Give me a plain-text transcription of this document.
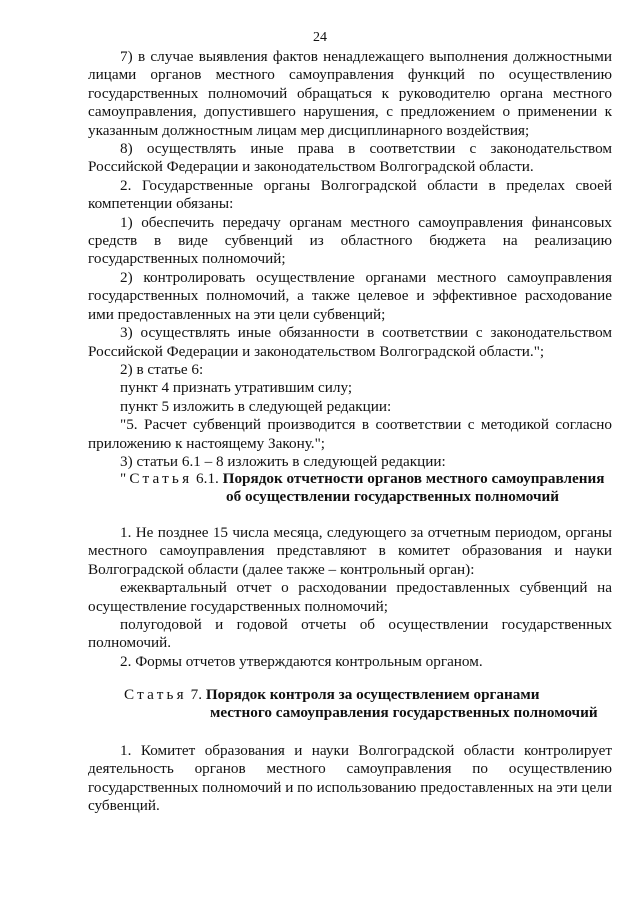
24

7) в случае выявления фактов ненадлежащего выполнения должностными лицами органов местного самоуправления функций по осуществлению государственных полномочий обращаться к руководителю органа местного самоуправления, допустившего нарушения, с предложением о применении к указанным должностным лицам мер дисциплинарного воздействия;

8) осуществлять иные права в соответствии с законодательством Российской Федерации и законодательством Волгоградской области.

2. Государственные органы Волгоградской области в пределах своей компетенции обязаны:

1) обеспечить передачу органам местного самоуправления финансовых средств в виде субвенций из областного бюджета на реализацию государственных полномочий;

2) контролировать осуществление органами местного самоуправления государственных полномочий, а также целевое и эффективное расходование ими предоставленных на эти цели субвенций;

3) осуществлять иные обязанности в соответствии с законодательством Российской Федерации и законодательством Волгоградской области.";

2) в статье 6:

пункт 4 признать утратившим силу;

пункт 5 изложить в следующей редакции:

"5. Расчет субвенций производится в соответствии с методикой согласно приложению к настоящему Закону.";

3) статьи 6.1 – 8 изложить в следующей редакции:

"Статья 6.1. Порядок отчетности органов местного самоуправления
об осуществлении государственных полномочий

1. Не позднее 15 числа месяца, следующего за отчетным периодом, органы местного самоуправления представляют в комитет образования и науки Волгоградской области (далее также – контрольный орган):

ежеквартальный отчет о расходовании предоставленных субвенций на осуществление государственных полномочий;

полугодовой и годовой отчеты об осуществлении государственных полномочий.

2. Формы отчетов утверждаются контрольным органом.

Статья 7. Порядок контроля за осуществлением органами
местного самоуправления государственных полномочий

1. Комитет образования и науки Волгоградской области контролирует деятельность органов местного самоуправления по осуществлению государственных полномочий и по использованию предоставленных на эти цели субвенций.
